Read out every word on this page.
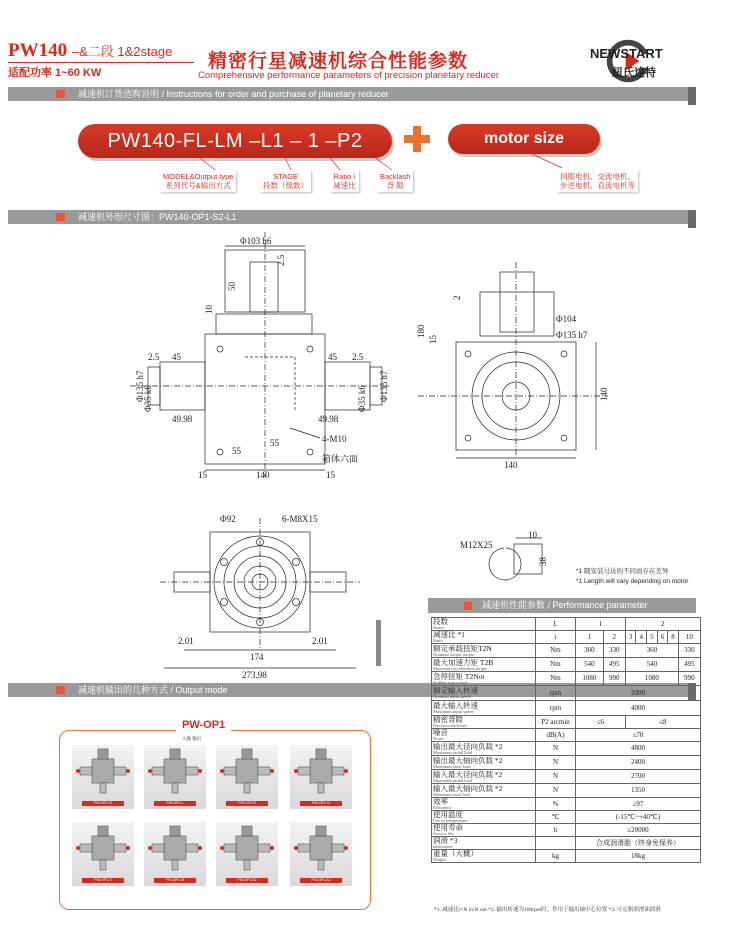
PW140 –&二段 1&2stage
适配功率 1~60 KW
精密行星减速机综合性能参数
Comprehensive performance parameters of precision planetary reducer
NEWSTART
紐氏達特
减速机订货选购说明 / Instructions for order and purchase of planetary reducer
PW140-FL-LM –L1 – 1 –P2	motor size
MODEL&Output type
系列代号&输出方式
STAGE
段数（级数）
Ratio i
减速比
Backlash
背 隙
伺服电机、交流电机、
步进电机、直流电机等
减速机外形尺寸图：PW140-OP1-S2-L1
Φ103 h6
50
2.5
10
2.5 45	45 2.5
Φ135 h7
Φ35 k6	Φ135 h7
Φ35 k6
49.98	49.98
55
55
140
15	15
4-M10
箱体六面
180
15
2
Φ104
Φ135 h7
140
140
Φ92	6-M8X15
2.01	2.01
174
273.98
M12X25
10
38
*1 随安装马达的不同而存在差异
*1 Length will vary depending on motor
减速机输出的几种方式 / Output mode
减速机性能参数 / Performance parameter
段数
Series	L	1		2					
减速比 *1
Ratio	i	1	2	3	4	5	6	8	10
额定承载扭矩T2N
Nominal output torque	Nm	360	330	360					330
最大加速力矩 T2B
Maximum acceleration torque	Nm	540	495	540					495
急停扭矩 T2Not
Sudden stop torque	Nm	1080	990	1080					990
额定输入转速
Nominal input speed	rpm	2000							
最大输入转速
Maximum input speed	rpm	4000							
精密背隙
Precision backlash	P2 arcmin	≤6		≤8					
噪音
Noise	dB(A)	≤70							
输出最大径向负载 *2
Maximum radial load	N	4800							
输出最大轴向负载 *2
Maximum axial load	N	2400							
输入最大径向负载 *2
Maximum radial load	N	2700							
输入最大轴向负载 *2
Maximum axial load	N	1350							
效率
Efficiency	%	≥97							
使用温度
Use of temperature	℃	(-15℃~+40℃)							
使用寿命
Service life	h	≥20000							
润滑 *3
lubrication		合成润滑脂（终身免保养）							
重量（大概）
Weight	kg	18kg							
*1. 减速比i=N in/N out *2. 输出转速为100rpm时，作用于输出轴中心位置 *3. 可定制润滑油润滑
PW-OP1
入输 输出
PW-OP1-I2	PW-OP1-L	PW-OP1-R	PW-OP1-I1
PW-OP1-S	PW-OP1-M	PW-OP1-S2	PW-OP1-A1
